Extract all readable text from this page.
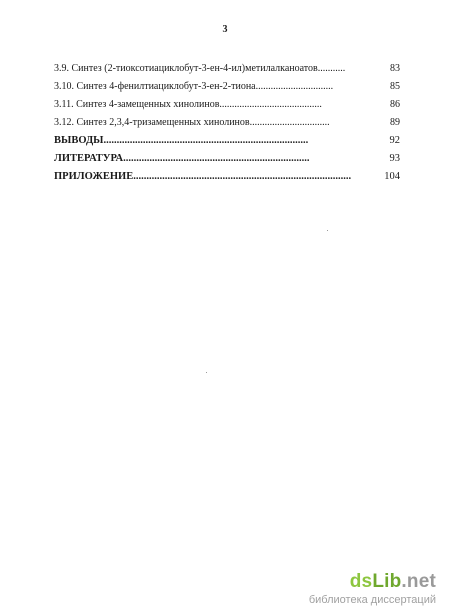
3
3.9. Синтез (2-тиоксотиациклобут-3-ен-4-ил)метилалканоатов...........	83
3.10. Синтез 4-фенилтиациклобут-3-ен-2-тиона...............................	85
3.11. Синтез 4-замещенных хинолинов.........................................	86
3.12. Синтез 2,3,4-тризамещенных хинолинов................................	89
ВЫВОДЫ..............................................................................	92
ЛИТЕРАТУРА.......................................................................	93
ПРИЛОЖЕНИЕ...................................................................................	104
dsLib.net
библиотека диссертаций
